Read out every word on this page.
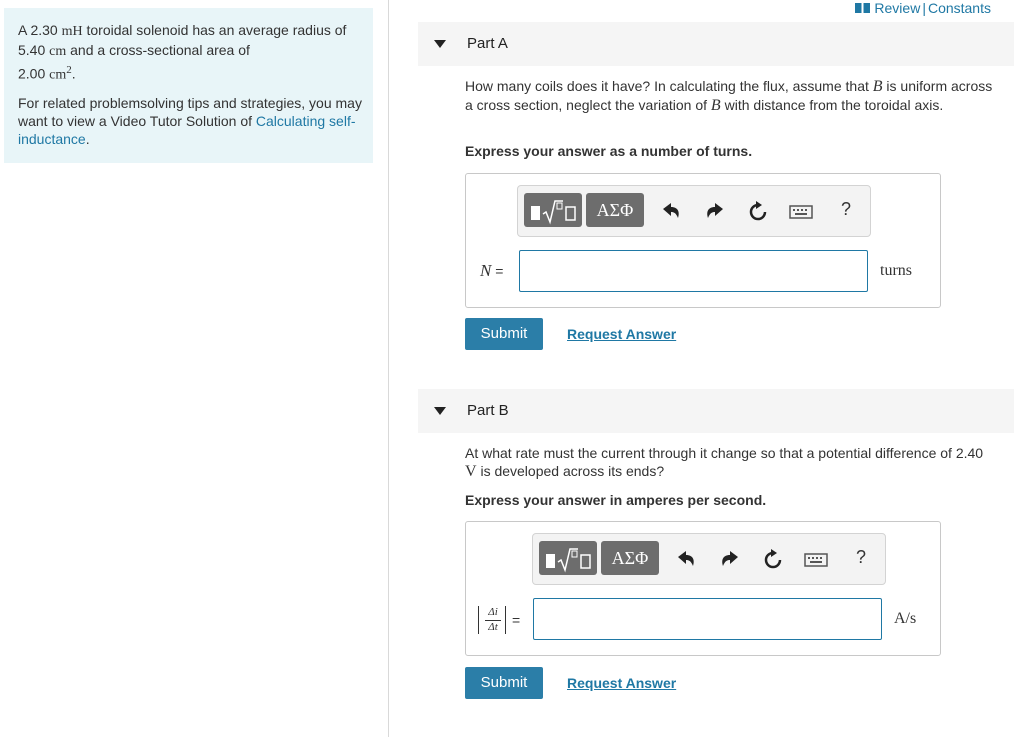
A 2.30 mH toroidal solenoid has an average radius of 5.40 cm and a cross-sectional area of
2.00 $cm^2$.

For related problemsolving tips and strategies, you may want to view a Video Tutor Solution of Calculating self-inductance.

Review | Constants
Part A
How many coils does it have? In calculating the flux, assume that B is uniform across a cross section, neglect the variation of B with distance from the toroidal axis.
Express your answer as a number of turns.
ΑΣΦ	?
N =	turns
Submit	Request Answer
Part B
At what rate must the current through it change so that a potential difference of 2.40 V is developed across its ends?
Express your answer in amperes per second.
ΑΣΦ	?
Δi
Δt =	A/s
Submit	Request Answer
